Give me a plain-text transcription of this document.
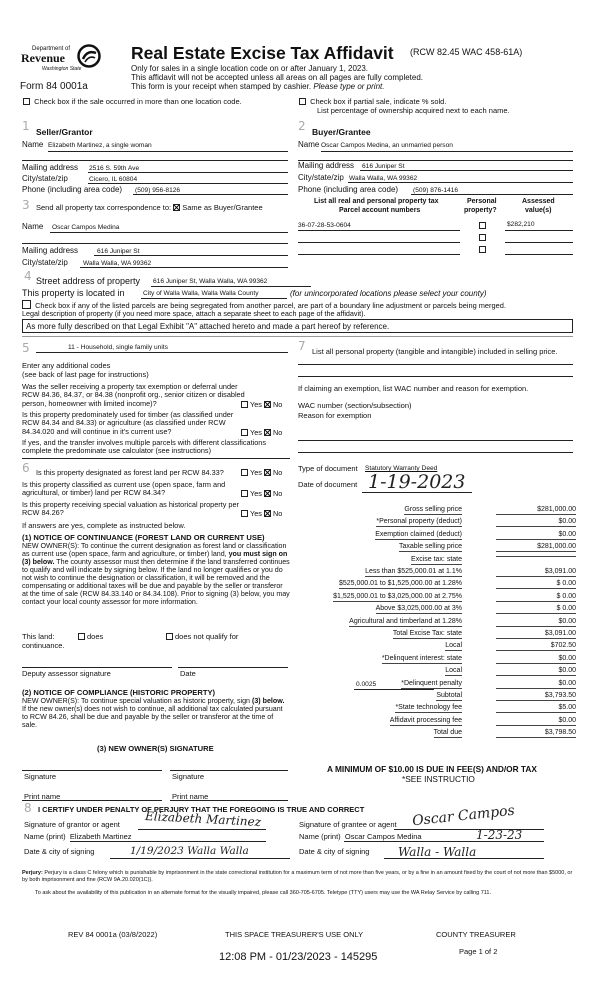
Department of
Revenue
Washington State
Form 84 0001a
Real Estate Excise Tax Affidavit (RCW 82.45 WAC 458-61A)
Only for sales in a single location code on or after January 1, 2023.
This affidavit will not be accepted unless all areas on all pages are fully completed.
This form is your receipt when stamped by cashier. Please type or print.
Check box if the sale occurred in more than one location code.	Check box if partial sale, indicate % sold.
List percentage of ownership acquired next to each name.
1 Seller/Grantor
Name Elizabeth Martinez, a single woman
Mailing address 2516 S. 59th Ave
City/state/zip	Cicero, IL 60804
Phone (including area code) (509) 956-8126
2 Buyer/Grantee
Name Oscar Campos Medina, an unmarried person
Mailing address 616 Juniper St
City/state/zip Walla Walla, WA 99362
Phone (including area code) (509) 876-1416
3 Send all property tax correspondence to: Same as Buyer/Grantee
Name Oscar Campos Medina
Mailing address	616 Juniper St
City/state/zip Walla Walla, WA 99362
List all real and personal property tax
Parcel account numbers
Personal
property?
Assessed
value(s)
36-07-28-53-0604	$282,210
4 Street address of property 616 Juniper St, Walla Walla, WA 99362
This property is located in	City of Walla Walla, Walla Walla County	(for unincorporated locations please select your county)
Check box if any of the listed parcels are being segregated from another parcel, are part of a boundary line adjustment or parcels being merged.
Legal description of property (if you need more space, attach a separate sheet to each page of the affidavit).
As more fully described on that Legal Exhibit "A" attached hereto and made a part hereof by reference.
5	11 - Household, single family units
Enter any additional codes
(see back of last page for instructions)
Was the seller receiving a property tax exemption or deferral under RCW 84.36, 84.37, or 84.38 (nonprofit org., senior citizen or disabled person, homeowner with limited income)?	Yes No
Is this property predominately used for timber (as classified under RCW 84.34 and 84.33) or agriculture (as classified under RCW 84.34.020 and will continue in it's current use?	Yes No
If yes, and the transfer involves multiple parcels with different classifications complete the predominate use calculator (see instructions)
7 List all personal property (tangible and intangible) included in selling price.
If claiming an exemption, list WAC number and reason for exemption.
WAC number (section/subsection)
Reason for exemption
Type of document Statutory Warranty Deed
Date of document 1-19-2023
Gross selling price	$281,000.00
*Personal property (deduct)	$0.00
Exemption claimed (deduct)	$0.00
Taxable selling price	$281,000.00
Excise tax: state
Less than $525,000.01 at 1.1%	$3,091.00
$525,000.01 to $1,525,000.00 at 1.28%	$ 0.00
$1,525,000.01 to $3,025,000.00 at 2.75%	$ 0.00
Above $3,025,000.00 at 3%	$ 0.00
Agricultural and timberland at 1.28%	$0.00
Total Excise Tax: state	$3,091.00
Local	$702.50
*Delinquent interest: state	$0.00
Local	$0.00
*Delinquent penalty	$0.00
Subtotal	$3,793.50
*State technology fee	$5.00
Affidavit processing fee	$0.00
Total due	$3,798.50
0.0025
6 Is this property designated as forest land per RCW 84.33?	Yes No
Is this property classified as current use (open space, farm and agricultural, or timber) land per RCW 84.34?	Yes No
Is this property receiving special valuation as historical property per RCW 84.26?	Yes No
If answers are yes, complete as instructed below.
(1) NOTICE OF CONTINUANCE (FOREST LAND OR CURRENT USE)
NEW OWNER(S): To continue the current designation as forest land or classification as current use (open space, farm and agriculture, or timber) land, you must sign on (3) below. The county assessor must then determine if the land transferred continues to qualify and will indicate by signing below. If the land no longer qualifies or you do not wish to continue the designation or classification, it will be removed and the compensating or additional taxes will be due and payable by the seller or transferor at the time of sale (RCW 84.33.140 or 84.34.108). Prior to signing (3) below, you may contact your local county assessor for more information.
This land:	does	does not qualify for
continuance.
Deputy assessor signature	Date
(2) NOTICE OF COMPLIANCE (HISTORIC PROPERTY)
NEW OWNER(S): To continue special valuation as historic property, sign (3) below. If the new owner(s) does not wish to continue, all additional tax calculated pursuant to RCW 84.26, shall be due and payable by the seller or transferor at the time of sale.
(3) NEW OWNER(S) SIGNATURE
Signature	Signature
Print name	Print name
A MINIMUM OF $10.00 IS DUE IN FEE(S) AND/OR TAX
*SEE INSTRUCTIO
8 I CERTIFY UNDER PENALTY OF PERJURY THAT THE FOREGOING IS TRUE AND CORRECT
Signature of grantor or agent Elizabeth Martinez
Name (print) Elizabeth Martinez
Date & city of signing	1/19/2023 Walla Walla
Signature of grantee or agent Oscar Campos
Name (print) Oscar Campos Medina	1-23-23
Date & city of signing Walla - Walla
Perjury: Perjury is a class C felony which is punishable by imprisonment in the state correctional institution for a maximum term of not more than five years, or by a fine in an amount fixed by the court of not more than $5000, or by both imprisonment and fine (RCW 9A.20.020(1C)).
To ask about the availability of this publication in an alternate format for the visually impaired, please call 360-705-6705. Teletype (TTY) users may use the WA Relay Service by calling 711.
REV 84 0001a (03/8/2022)	THIS SPACE TREASURER'S USE ONLY	COUNTY TREASURER
Page 1 of 2
12:08 PM - 01/23/2023 - 145295
